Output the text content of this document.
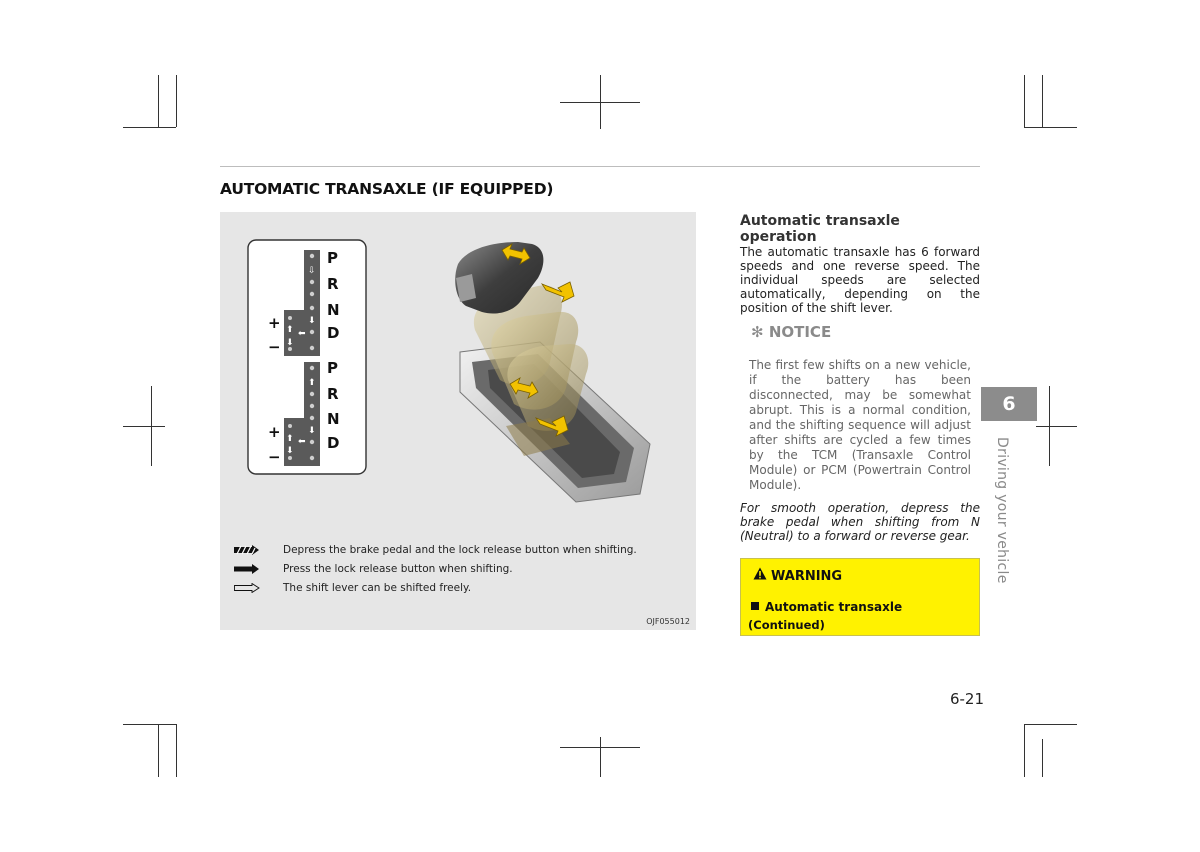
AUTOMATIC TRANSAXLE (IF EQUIPPED)
⇩
⬇
⬅
⬆
⬇
⬆
⬇
⬅
⬆
⬇
P
R
N
D
P
R
N
D
+
−
+
−
Depress the brake pedal and the lock release button when shifting.
Press the lock release button when shifting.
The shift lever can be shifted freely.
OJF055012
Automatic transaxle operation

The automatic transaxle has 6 forward speeds and one reverse speed. The individual speeds are selected automatically, depending on the position of the shift lever.

✻ NOTICE

The first few shifts on a new vehicle, if the battery has been disconnected, may be somewhat abrupt. This is a normal condition, and the shifting sequence will adjust after shifts are cycled a few times by the TCM (Transaxle Control Module) or PCM (Powertrain Control Module).

For smooth operation, depress the brake pedal when shifting from N (Neutral) to a forward or reverse gear.

WARNING
Automatic transaxle
(Continued)
6
Driving your vehicle
6-21
